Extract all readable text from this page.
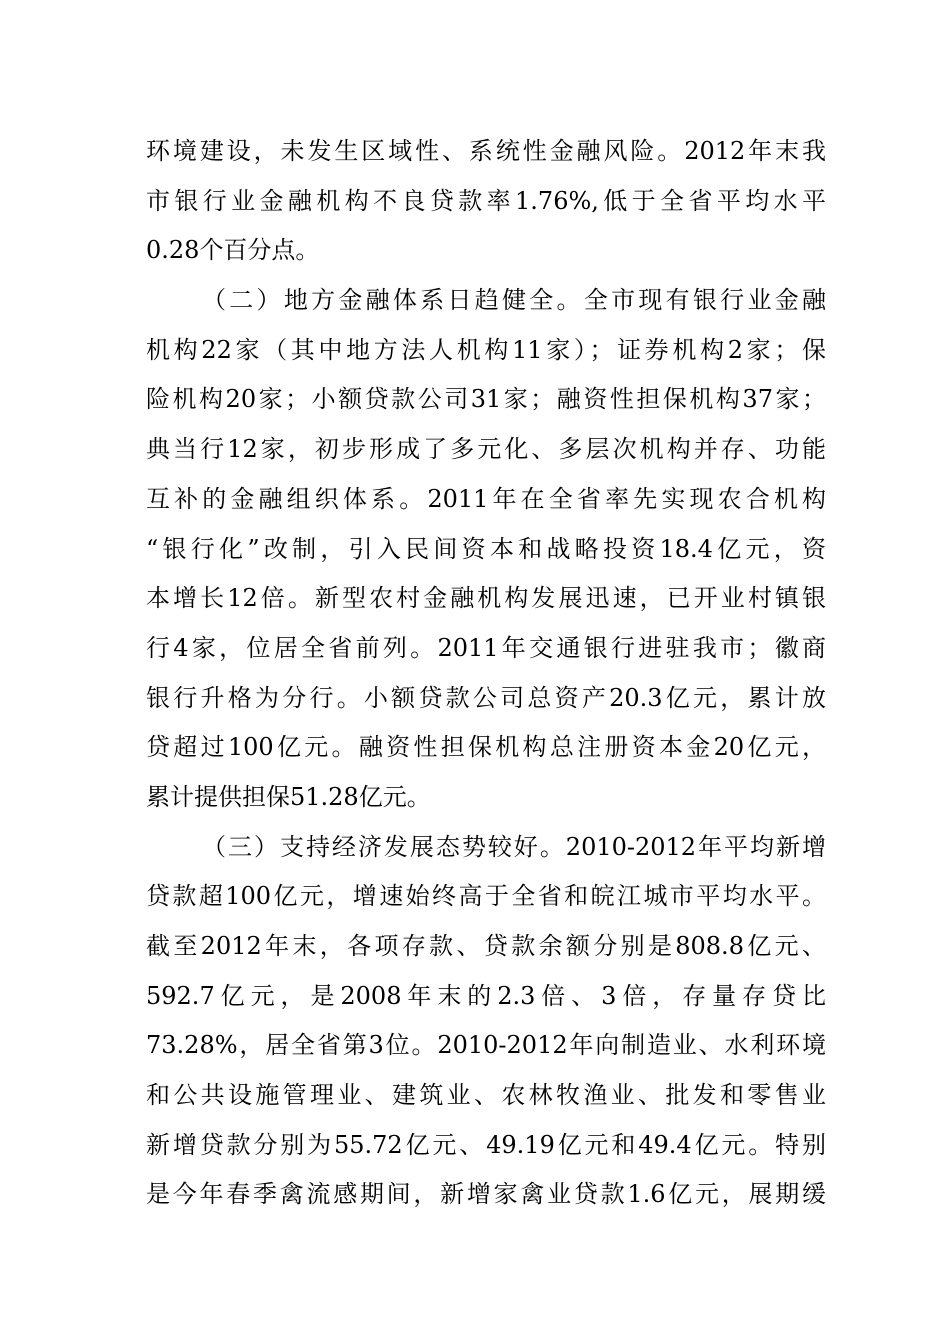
环境建设，未发生区域性、系统性金融风险。2012年末我
市银行业金融机构不良贷款率1.76%,低于全省平均水平
0.28个百分点。
（二）地方金融体系日趋健全。全市现有银行业金融
机构22家（其中地方法人机构11家）；证券机构2家；保
险机构20家；小额贷款公司31家；融资性担保机构37家；
典当行12家，初步形成了多元化、多层次机构并存、功能
互补的金融组织体系。2011年在全省率先实现农合机构
“银行化”改制，引入民间资本和战略投资18.4亿元，资
本增长12倍。新型农村金融机构发展迅速，已开业村镇银
行4家，位居全省前列。2011年交通银行进驻我市；徽商
银行升格为分行。小额贷款公司总资产20.3亿元，累计放
贷超过100亿元。融资性担保机构总注册资本金20亿元，
累计提供担保51.28亿元。
（三）支持经济发展态势较好。2010-2012年平均新增
贷款超100亿元，增速始终高于全省和皖江城市平均水平。
截至2012年末，各项存款、贷款余额分别是808.8亿元、
592.7亿元，是2008年末的2.3倍、3倍，存量存贷比
73.28%，居全省第3位。2010-2012年向制造业、水利环境
和公共设施管理业、建筑业、农林牧渔业、批发和零售业
新增贷款分别为55.72亿元、49.19亿元和49.4亿元。特别
是今年春季禽流感期间，新增家禽业贷款1.6亿元，展期缓
